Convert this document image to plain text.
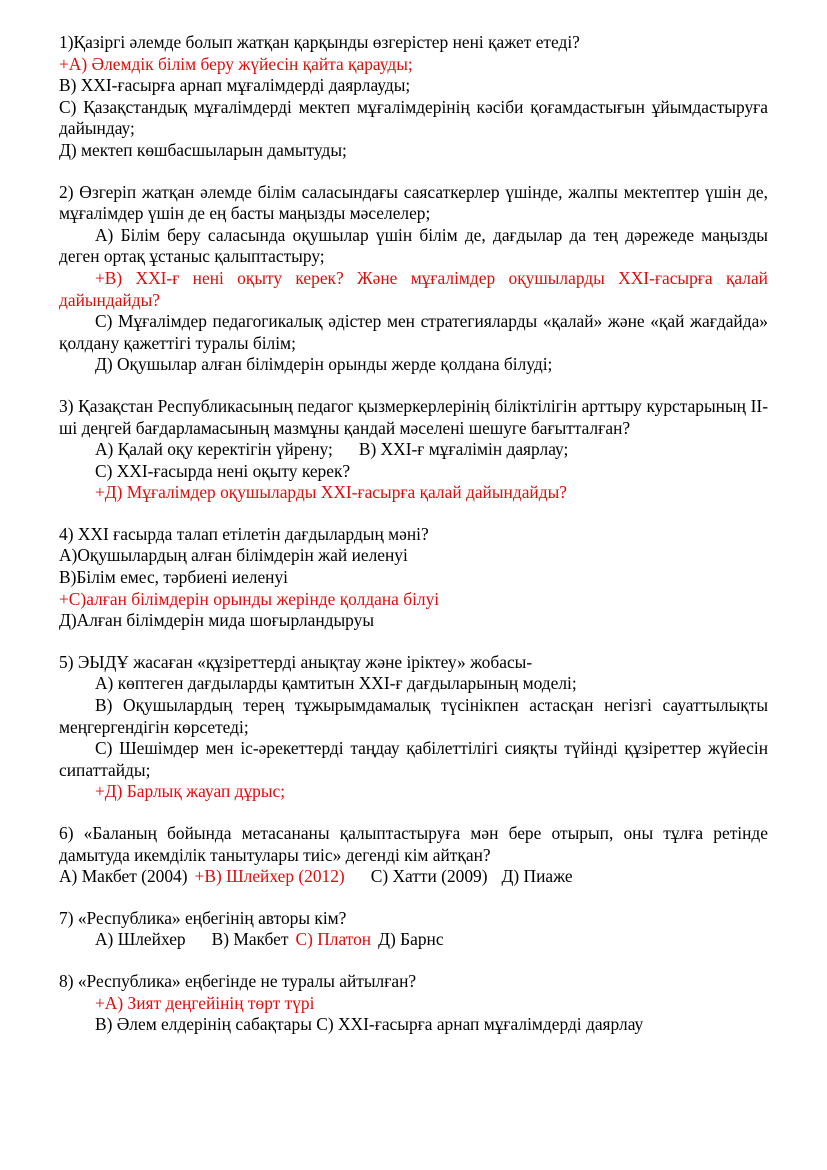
1)Қазіргі әлемде болып жатқан қарқынды өзгерістер нені қажет етеді?

+А) Әлемдік білім беру жүйесін қайта қарауды;

В) XXI-ғасырға арнап мұғалімдерді даярлауды;

С) Қазақстандық мұғалімдерді мектеп мұғалімдерінің кәсіби қоғамдастығын ұйымдастыруға дайындау;

Д) мектеп көшбасшыларын дамытуды;

2) Өзгеріп жатқан әлемде білім саласындағы саясаткерлер үшінде, жалпы мектептер үшін де, мұғалімдер үшін де ең басты маңызды мәселелер;

А) Білім беру саласында оқушылар үшін білім де, дағдылар да тең дәрежеде маңызды деген ортақ ұстаныс қалыптастыру;

+В) XXI-ғ нені оқыту керек? Және мұғалімдер оқушыларды XXI-ғасырға қалай дайындайды?

С) Мұғалімдер педагогикалық әдістер мен стратегияларды «қалай» және «қай жағдайда» қолдану қажеттігі туралы білім;

Д) Оқушылар алған білімдерін орынды жерде қолдана білуді;

3) Қазақстан Республикасының педагог қызмеркерлерінің біліктілігін арттыру курстарының II-ші деңгей бағдарламасының мазмұны қандай мәселені шешуге бағытталған?

А) Қалай оқу керектігін үйрену; В) XXI-ғ мұғалімін даярлау;

С) XXI-ғасырда нені оқыту керек?

+Д) Мұғалімдер оқушыларды XXI-ғасырға қалай дайындайды?

4) XXI ғасырда талап етілетін дағдылардың мәні?

А)Оқушылардың алған білімдерін жай иеленуі

В)Білім емес, тәрбиені иеленуі

+С)алған білімдерін орынды жерінде қолдана білуі

Д)Алған білімдерін мида шоғырландыруы

5) ЭЫДҰ жасаған «құзіреттерді анықтау және іріктеу» жобасы-

А) көптеген дағдыларды қамтитын XXI-ғ дағдыларының моделі;

В) Оқушылардың терең тұжырымдамалық түсінікпен астасқан негізгі сауаттылықты меңгергендігін көрсетеді;

С) Шешімдер мен іс-әрекеттерді таңдау қабілеттілігі сияқты түйінді құзіреттер жүйесін сипаттайды;

+Д) Барлық жауап дұрыс;

6) «Баланың бойында метасананы қалыптастыруға мән бере отырып, оны тұлға ретінде дамытуда икемділік танытулары тиіс» дегенді кім айтқан?

А) Макбет (2004) +В) Шлейхер (2012) С) Хатти (2009) Д) Пиаже

7) «Республика» еңбегінің авторы кім?

А) Шлейхер В) Макбет С) Платон Д) Барнс

8) «Республика» еңбегінде не туралы айтылған?

+А) Зият деңгейінің төрт түрі

В) Әлем елдерінің сабақтары C) XXI-ғасырға арнап мұғалімдерді даярлау
